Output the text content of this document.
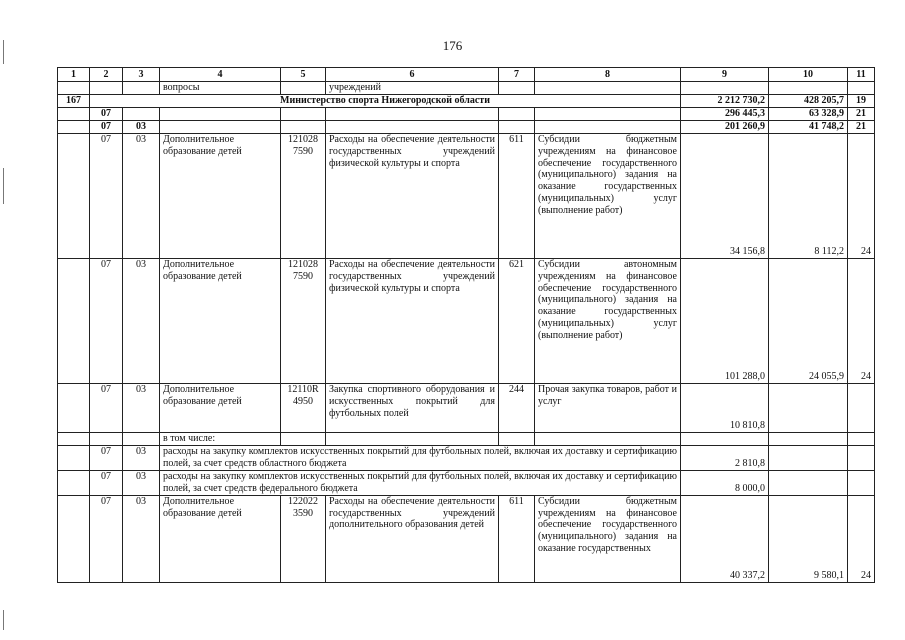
176
1	2	3	4	5	6	7	8	9	10	11
			вопросы		учреждений					
167	Министерство спорта Нижегородской области							2 212 730,2	428 205,7	19
	07							296 445,3	63 328,9	21
	07	03						201 260,9	41 748,2	21
	07	03	Дополнительное образование детей	121028 7590	Расходы на обеспечение деятельности государственных учреждений физической культуры и спорта	611	Субсидии бюджетным учреждениям на финансовое обеспечение государственного (муниципального) задания на оказание государственных (муниципальных) услуг (выполнение работ)	34 156,8	8 112,2	24
	07	03	Дополнительное образование детей	121028 7590	Расходы на обеспечение деятельности государственных учреждений физической культуры и спорта	621	Субсидии автономным учреждениям на финансовое обеспечение государственного (муниципального) задания на оказание государственных (муниципальных) услуг (выполнение работ)	101 288,0	24 055,9	24
	07	03	Дополнительное образование детей	12110R 4950	Закупка спортивного оборудования и искусственных покрытий для футбольных полей	244	Прочая закупка товаров, работ и услуг	10 810,8		
			в том числе:							
	07	03	расходы на закупку комплектов искусственных покрытий для футбольных полей, включая их доставку и сертификацию полей, за счет средств областного бюджета					2 810,8		
	07	03	расходы на закупку комплектов искусственных покрытий для футбольных полей, включая их доставку и сертификацию полей, за счет средств федерального бюджета					8 000,0		
	07	03	Дополнительное образование детей	122022 3590	Расходы на обеспечение деятельности государственных учреждений дополнительного образования детей	611	Субсидии бюджетным учреждениям на финансовое обеспечение государственного (муниципального) задания на оказание государственных	40 337,2	9 580,1	24
